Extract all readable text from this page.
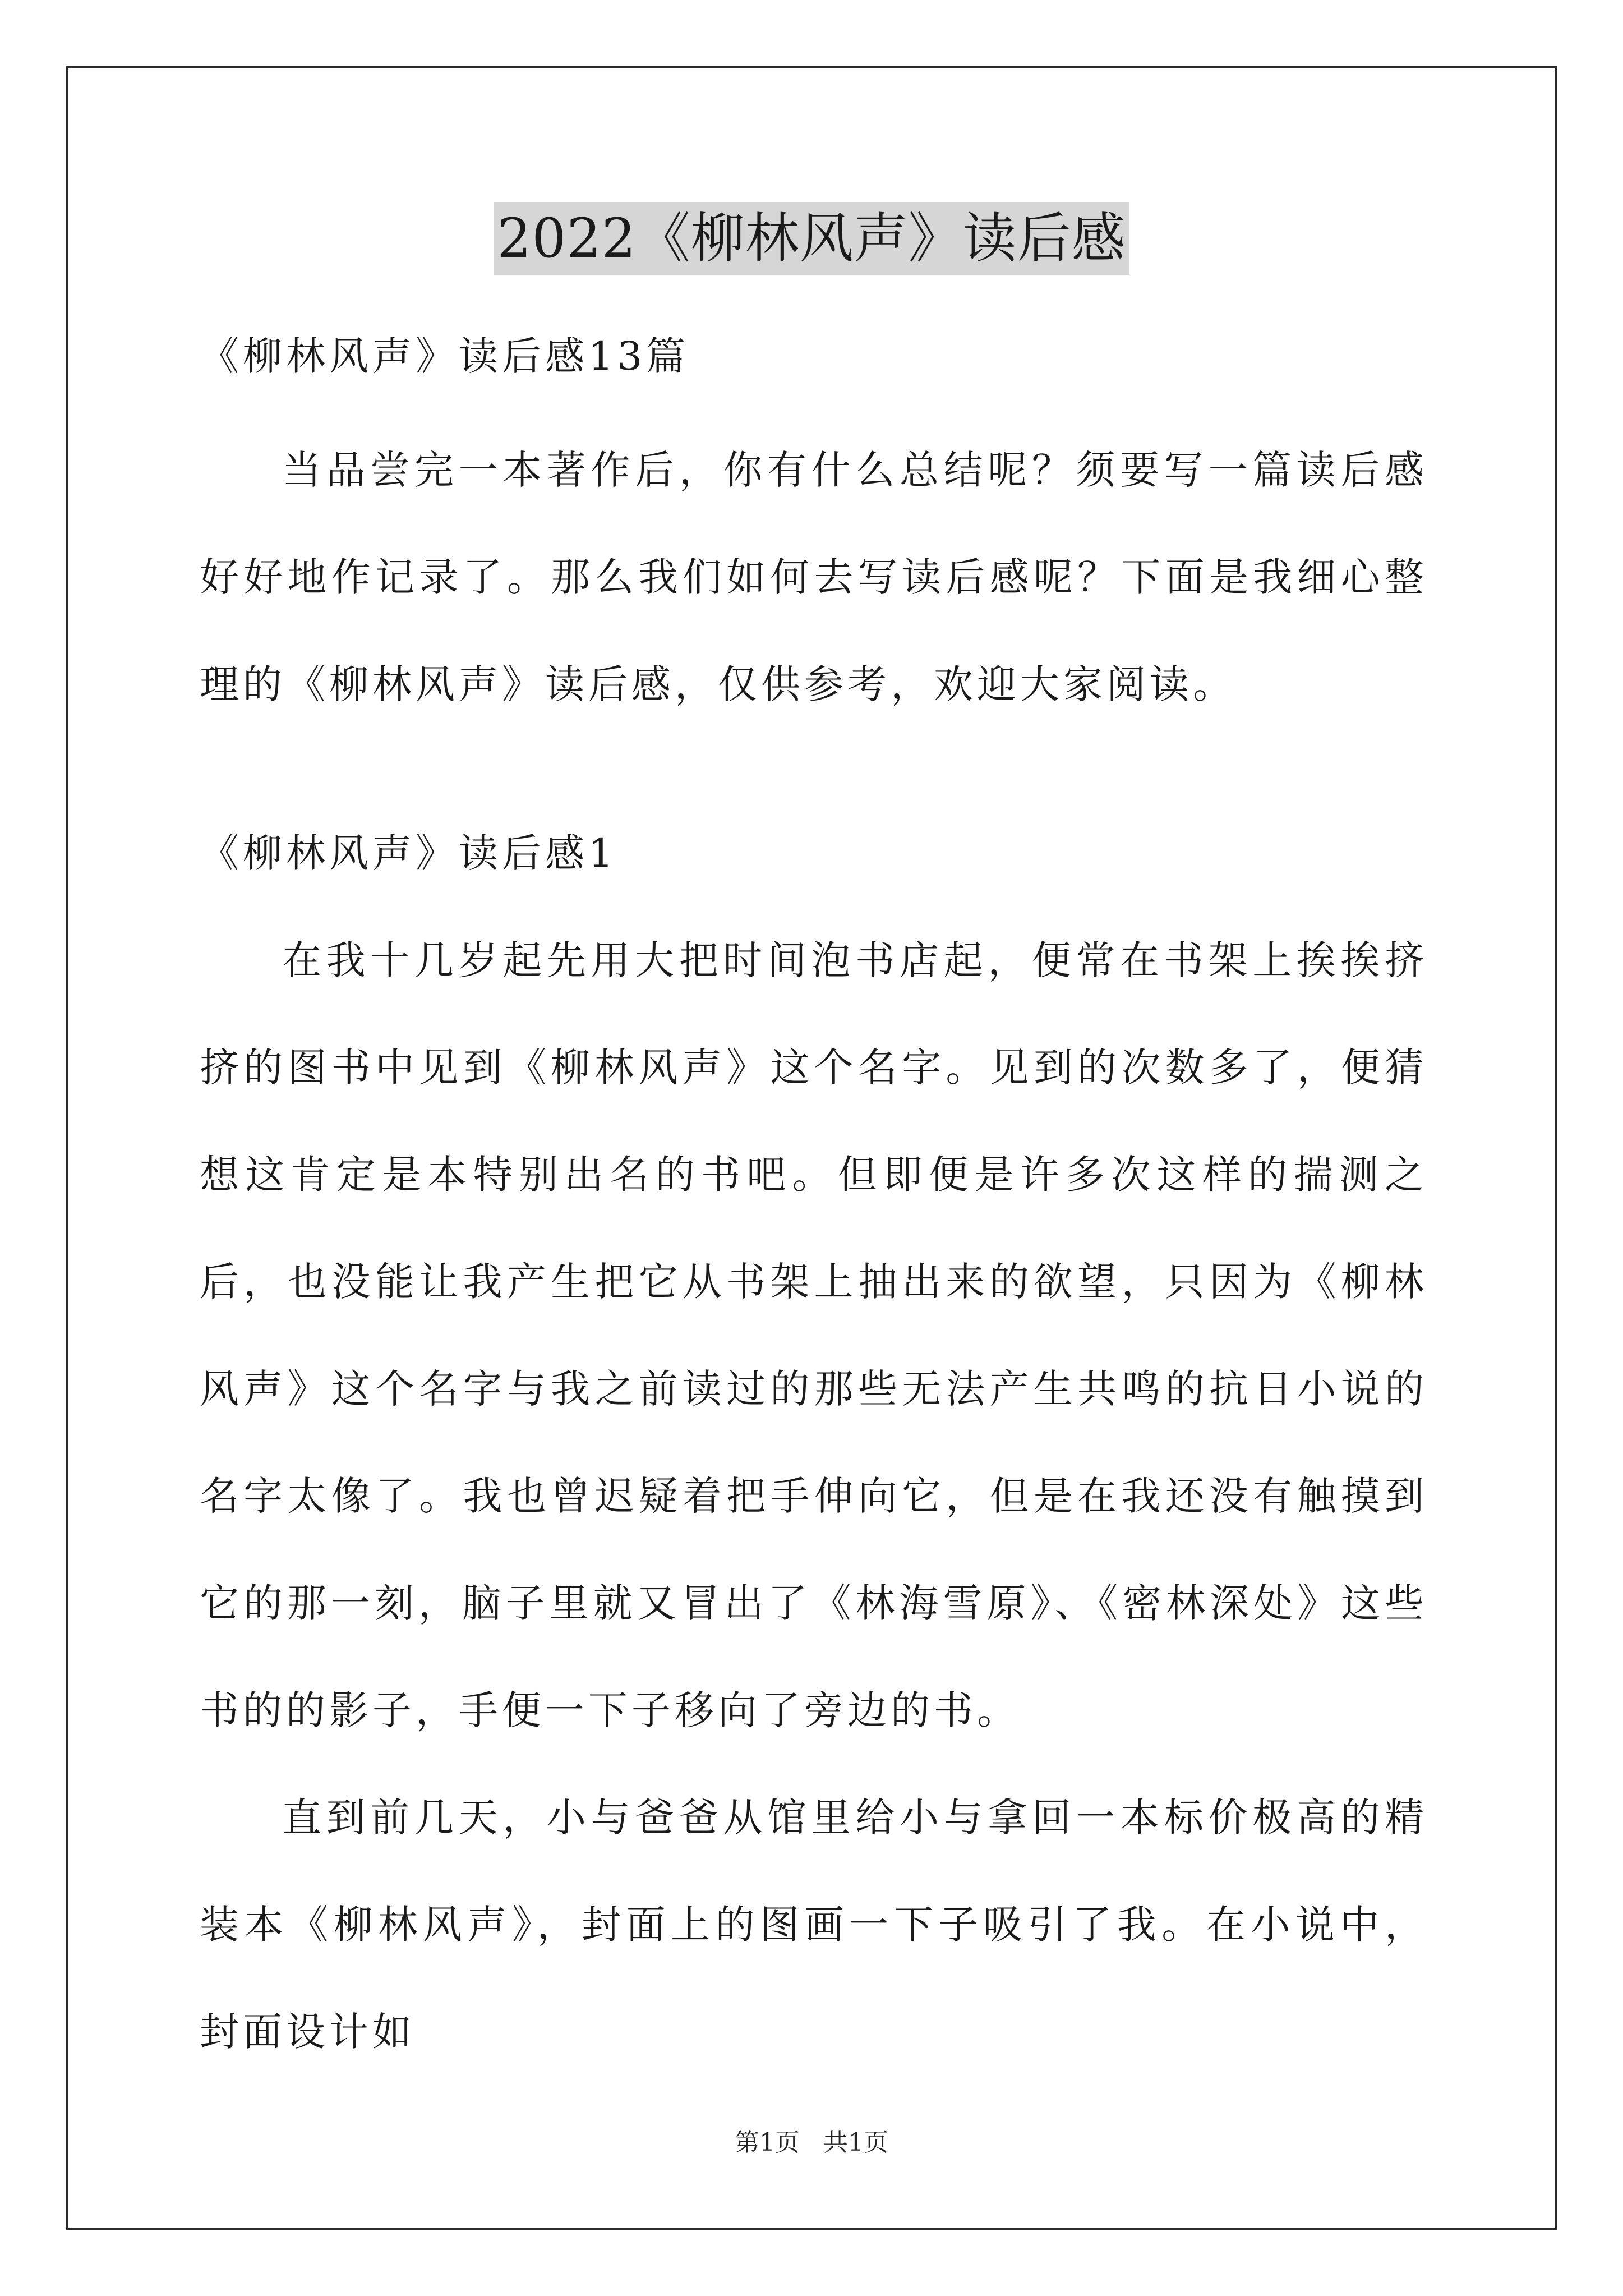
2022《柳林风声》读后感

《柳林风声》读后感13篇

当品尝完一本著作后，你有什么总结呢？须要写一篇读后感好好地作记录了。那么我们如何去写读后感呢？下面是我细心整理的《柳林风声》读后感，仅供参考，欢迎大家阅读。

《柳林风声》读后感1

在我十几岁起先用大把时间泡书店起，便常在书架上挨挨挤挤的图书中见到《柳林风声》这个名字。见到的次数多了，便猜想这肯定是本特别出名的书吧。但即便是许多次这样的揣测之后，也没能让我产生把它从书架上抽出来的欲望，只因为《柳林风声》这个名字与我之前读过的那些无法产生共鸣的抗日小说的名字太像了。我也曾迟疑着把手伸向它，但是在我还没有触摸到它的那一刻，脑子里就又冒出了《林海雪原》、《密林深处》这些书的的影子，手便一下子移向了旁边的书。

直到前几天，小与爸爸从馆里给小与拿回一本标价极高的精装本《柳林风声》，封面上的图画一下子吸引了我。在小说中，封面设计如

第1页   共1页
